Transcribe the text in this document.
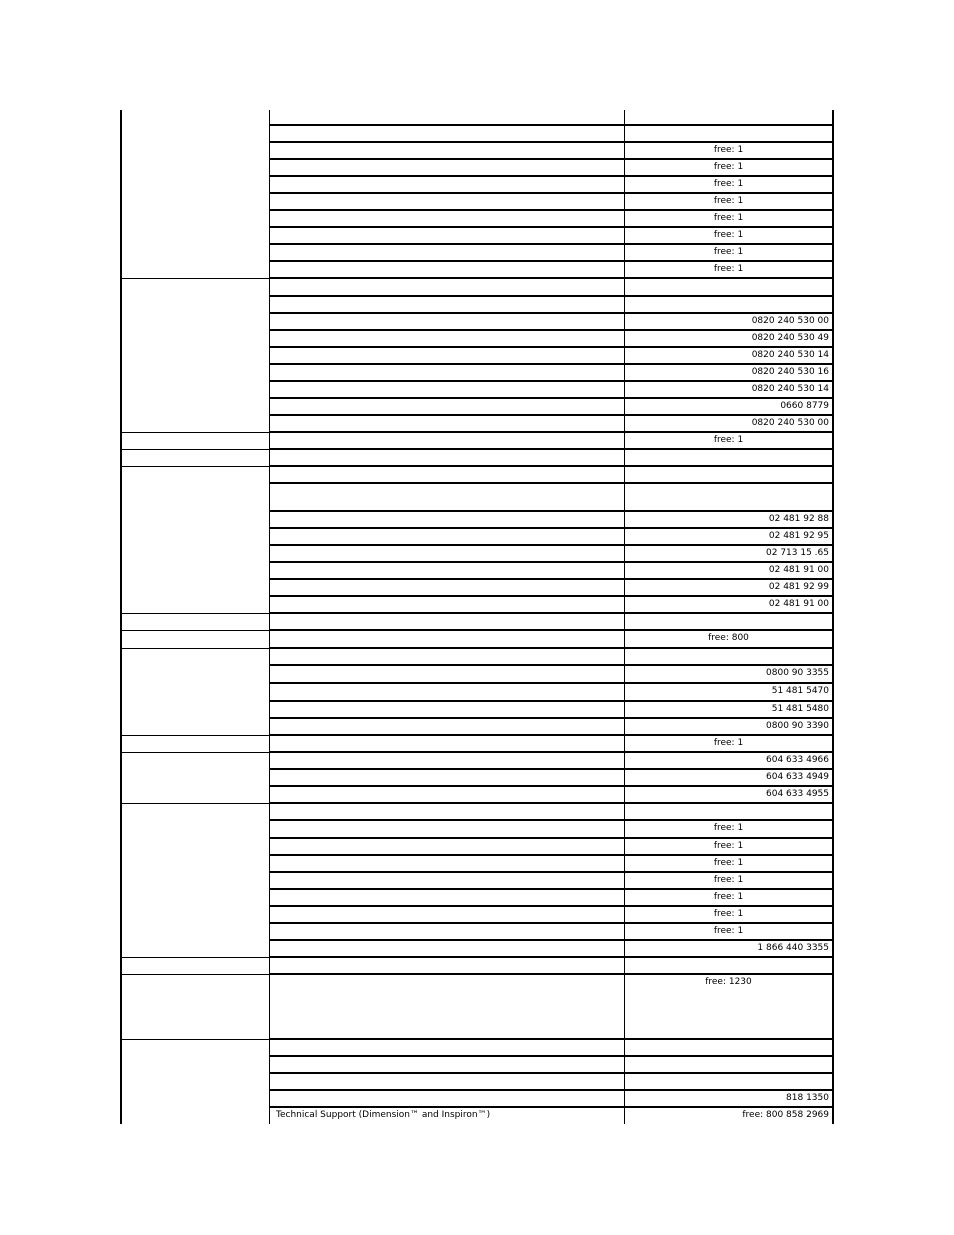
free: 1
free: 1
free: 1
free: 1
free: 1
free: 1
free: 1
free: 1
0820 240 530 00
0820 240 530 49
0820 240 530 14
0820 240 530 16
0820 240 530 14
0660 8779
0820 240 530 00
free: 1
02 481 92 88
02 481 92 95
02 713 15 .65
02 481 91 00
02 481 92 99
02 481 91 00
free: 800
0800 90 3355
51 481 5470
51 481 5480
0800 90 3390
free: 1
604 633 4966
604 633 4949
604 633 4955
free: 1
free: 1
free: 1
free: 1
free: 1
free: 1
free: 1
1 866 440 3355
free: 1230
818 1350
Technical Support (Dimension™ and Inspiron™)	free: 800 858 2969
